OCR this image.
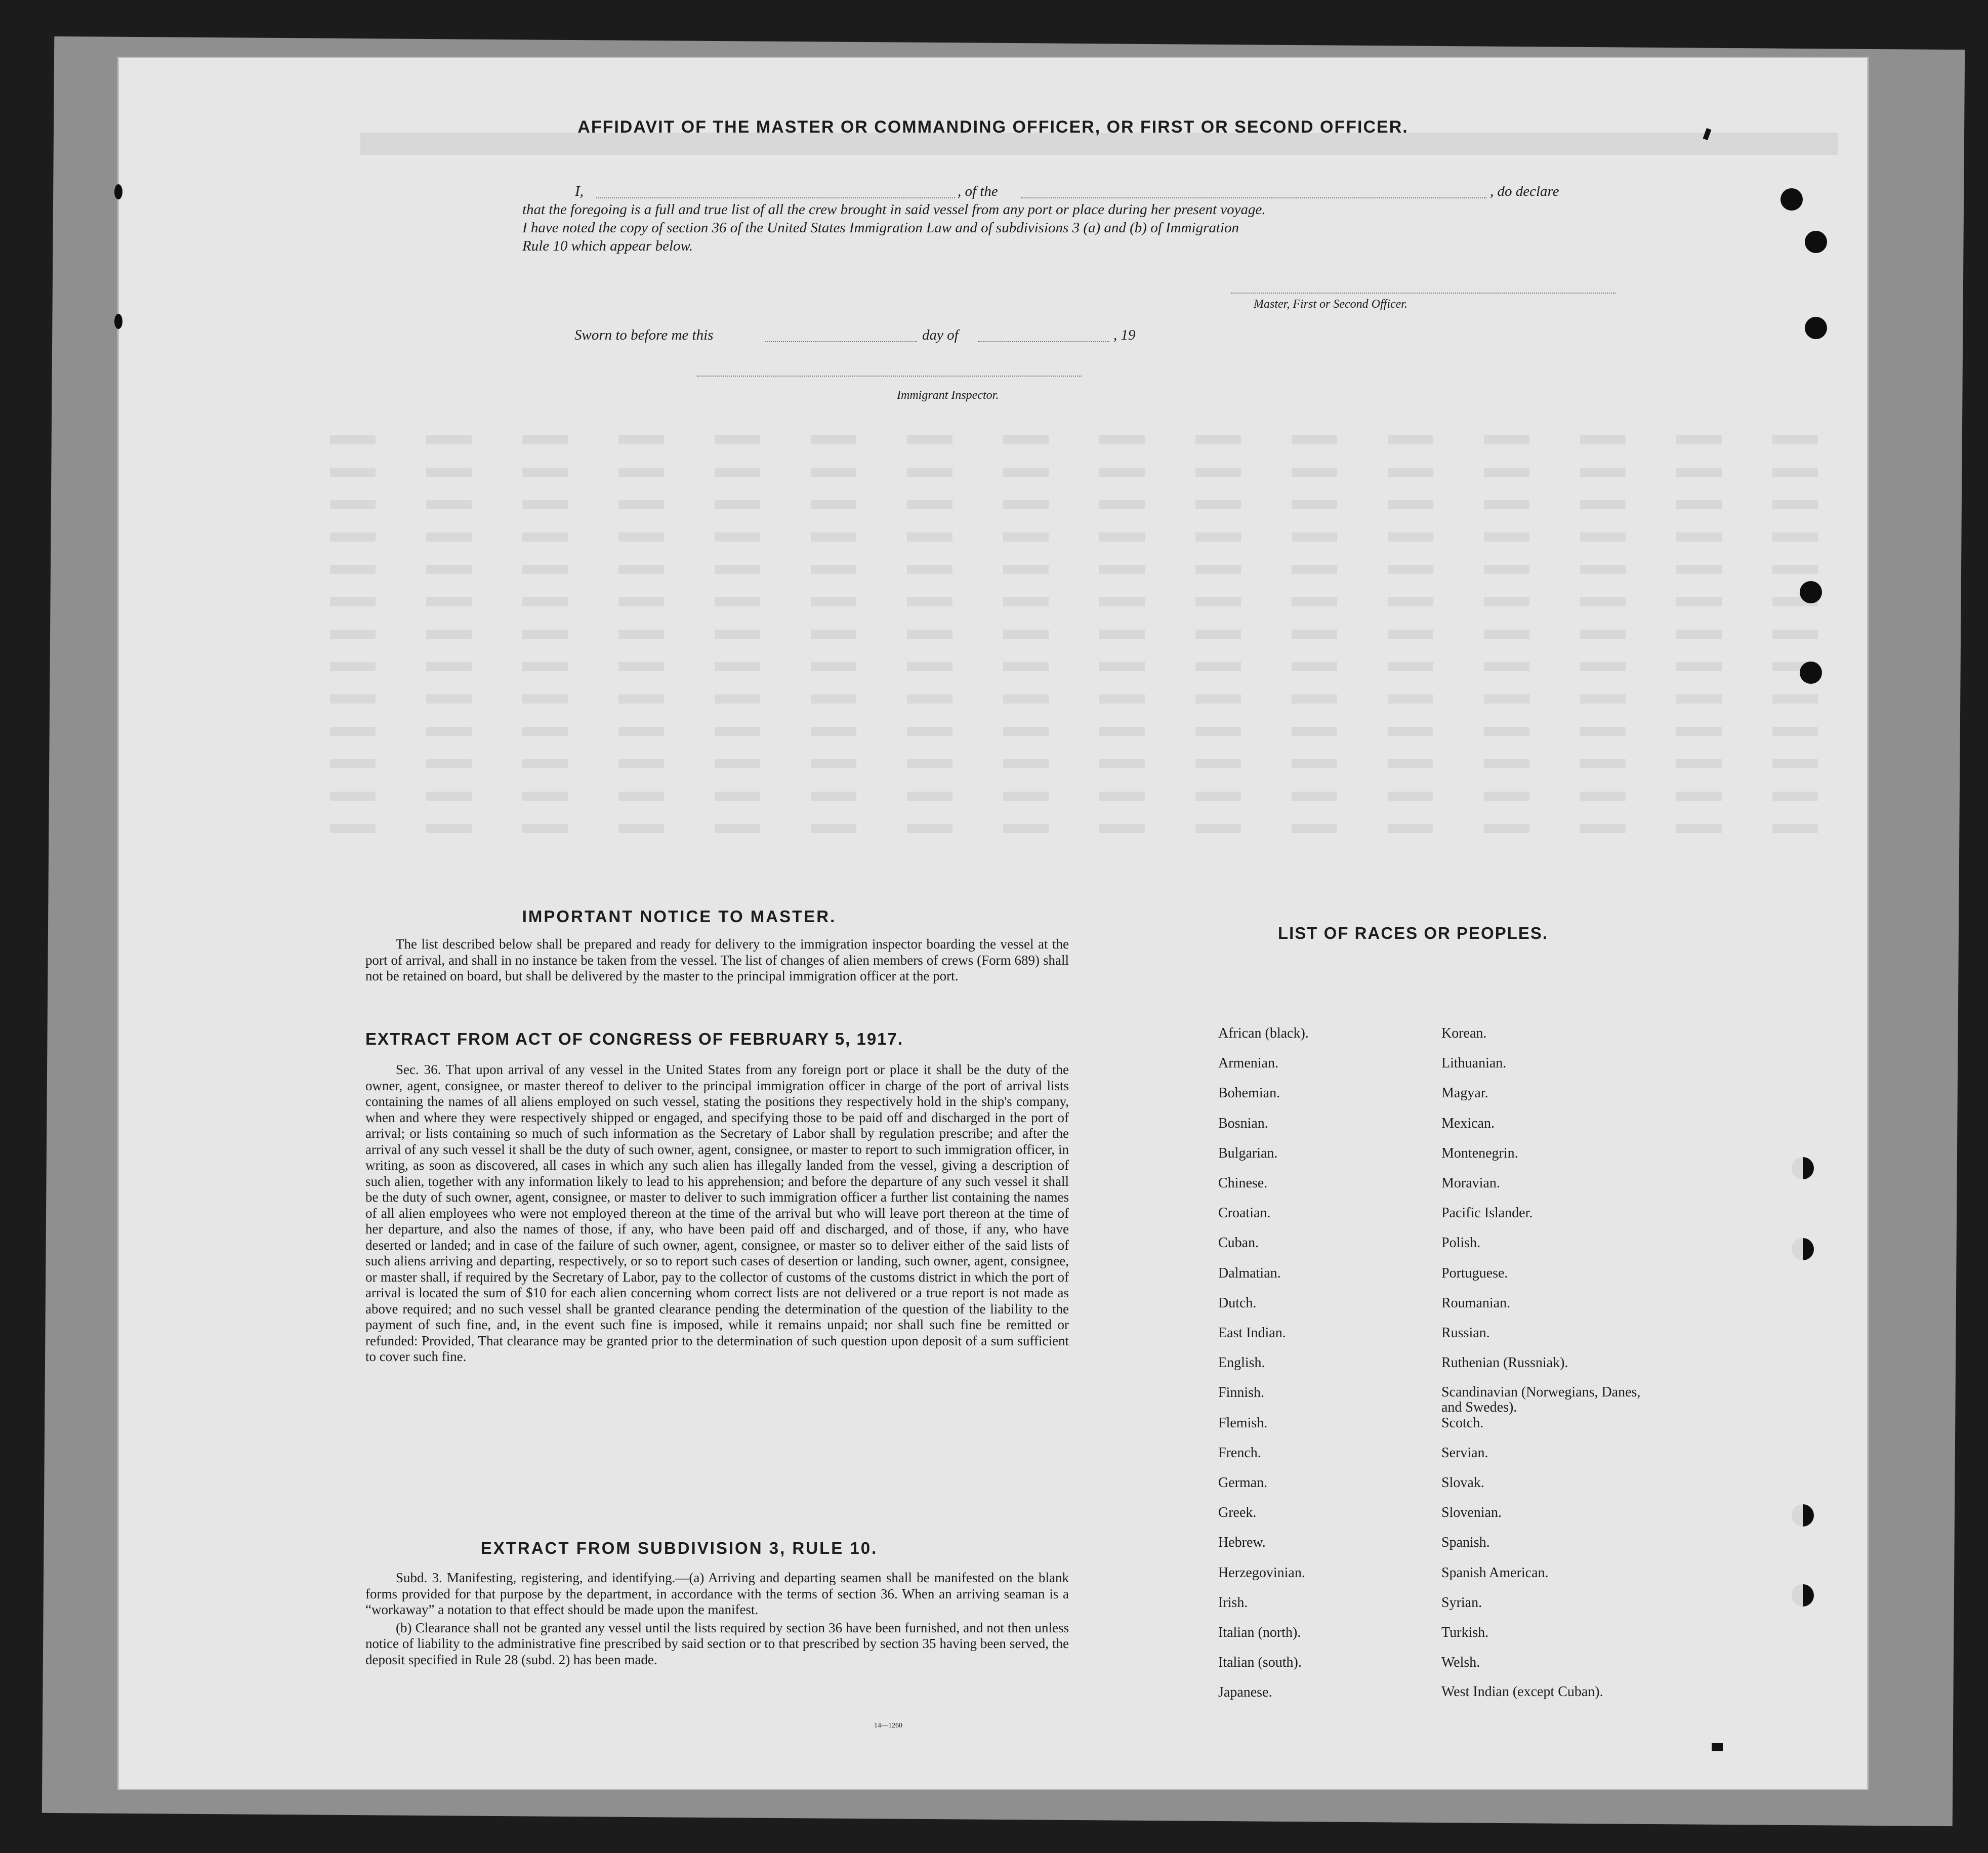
AFFIDAVIT OF THE MASTER OR COMMANDING OFFICER, OR FIRST OR SECOND OFFICER.
I,	, of the	, do declare
that the foregoing is a full and true list of all the crew brought in said vessel from any port or place during her present voyage.
I have noted the copy of section 36 of the United States Immigration Law and of subdivisions 3 (a) and (b) of Immigration
Rule 10 which appear below.
Master, First or Second Officer.
Sworn to before me this	day of	, 19
Immigrant Inspector.
IMPORTANT NOTICE TO MASTER.

The list described below shall be prepared and ready for delivery to the immigration inspector boarding the vessel at the port of arrival, and shall in no instance be taken from the vessel. The list of changes of alien members of crews (Form 689) shall not be retained on board, but shall be delivered by the master to the principal immigration officer at the port.

EXTRACT FROM ACT OF CONGRESS OF FEBRUARY 5, 1917.

Sec. 36. That upon arrival of any vessel in the United States from any foreign port or place it shall be the duty of the owner, agent, consignee, or master thereof to deliver to the principal immigration officer in charge of the port of arrival lists containing the names of all aliens employed on such vessel, stating the positions they respectively hold in the ship's company, when and where they were respectively shipped or engaged, and specifying those to be paid off and discharged in the port of arrival; or lists containing so much of such information as the Secretary of Labor shall by regulation prescribe; and after the arrival of any such vessel it shall be the duty of such owner, agent, consignee, or master to report to such immigration officer, in writing, as soon as discovered, all cases in which any such alien has illegally landed from the vessel, giving a description of such alien, together with any information likely to lead to his apprehension; and before the departure of any such vessel it shall be the duty of such owner, agent, consignee, or master to deliver to such immigration officer a further list containing the names of all alien employees who were not employed thereon at the time of the arrival but who will leave port thereon at the time of her departure, and also the names of those, if any, who have been paid off and discharged, and of those, if any, who have deserted or landed; and in case of the failure of such owner, agent, consignee, or master so to deliver either of the said lists of such aliens arriving and departing, respectively, or so to report such cases of desertion or landing, such owner, agent, consignee, or master shall, if required by the Secretary of Labor, pay to the collector of customs of the customs district in which the port of arrival is located the sum of $10 for each alien concerning whom correct lists are not delivered or a true report is not made as above required; and no such vessel shall be granted clearance pending the determination of the question of the liability to the payment of such fine, and, in the event such fine is imposed, while it remains unpaid; nor shall such fine be remitted or refunded: Provided, That clearance may be granted prior to the determination of such question upon deposit of a sum sufficient to cover such fine.

EXTRACT FROM SUBDIVISION 3, RULE 10.

Subd. 3. Manifesting, registering, and identifying.—(a) Arriving and departing seamen shall be manifested on the blank forms provided for that purpose by the department, in accordance with the terms of section 36. When an arriving seaman is a “workaway” a notation to that effect should be made upon the manifest.

(b) Clearance shall not be granted any vessel until the lists required by section 36 have been furnished, and not then unless notice of liability to the administrative fine prescribed by said section or to that prescribed by section 35 having been served, the deposit specified in Rule 28 (subd. 2) has been made.

14—1260
LIST OF RACES OR PEOPLES.
African (black).
Armenian.
Bohemian.
Bosnian.
Bulgarian.
Chinese.
Croatian.
Cuban.
Dalmatian.
Dutch.
East Indian.
English.
Finnish.
Flemish.
French.
German.
Greek.
Hebrew.
Herzegovinian.
Irish.
Italian (north).
Italian (south).
Japanese.
Korean.
Lithuanian.
Magyar.
Mexican.
Montenegrin.
Moravian.
Pacific Islander.
Polish.
Portuguese.
Roumanian.
Russian.
Ruthenian (Russniak).
Scandinavian (Norwegians, Danes, and Swedes).
Scotch.
Servian.
Slovak.
Slovenian.
Spanish.
Spanish American.
Syrian.
Turkish.
Welsh.
West Indian (except Cuban).
